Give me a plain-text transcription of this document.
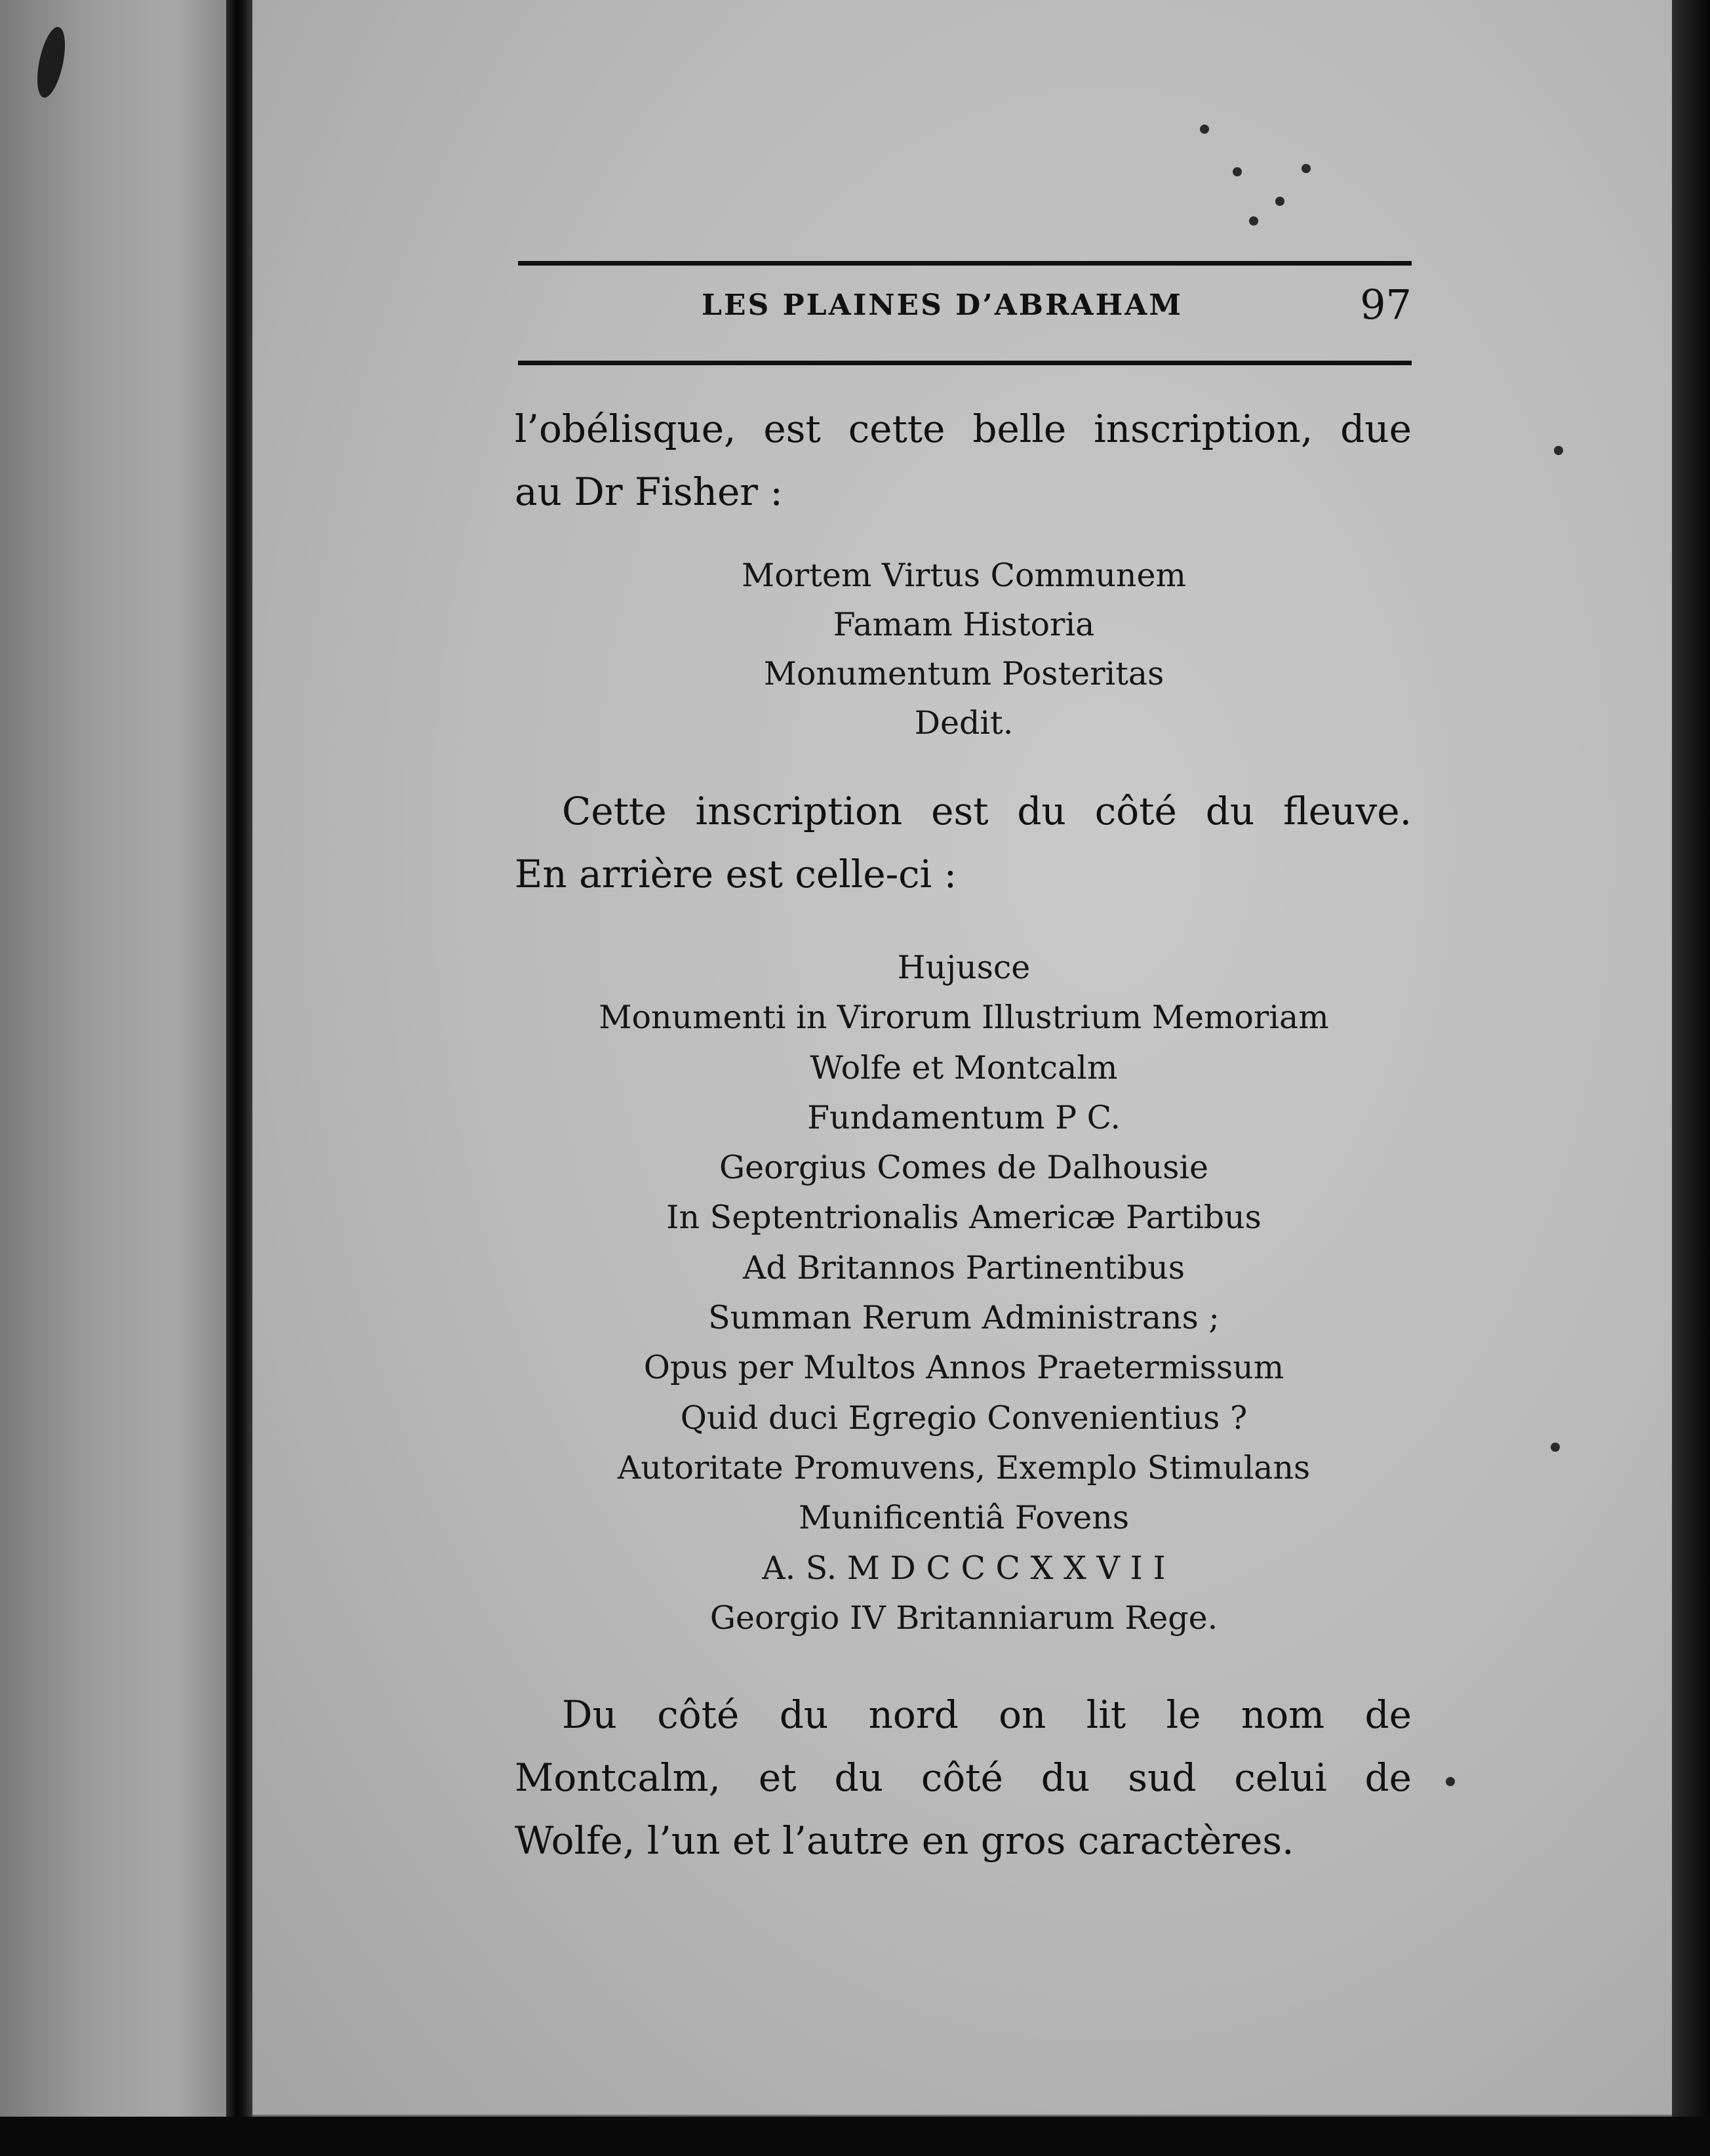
LES PLAINES D’ABRAHAM	97
l’obélisque, est cette belle inscription, due
au Dr Fisher :
Mortem Virtus Communem
Famam Historia
Monumentum Posteritas
Dedit.
Cette inscription est du côté du fleuve.
En arrière est celle-ci :
Hujusce
Monumenti in Virorum Illustrium Memoriam
Wolfe et Montcalm
Fundamentum P C.
Georgius Comes de Dalhousie
In Septentrionalis Americæ Partibus
Ad Britannos Partinentibus
Summan Rerum Administrans ;
Opus per Multos Annos Praetermissum
Quid duci Egregio Convenientius ?
Autoritate Promuvens, Exemplo Stimulans
Munificentiâ Fovens
A. S. M D C C C X X V I I
Georgio IV Britanniarum Rege.
Du côté du nord on lit le nom de
Montcalm, et du côté du sud celui de
Wolfe, l’un et l’autre en gros caractères.
